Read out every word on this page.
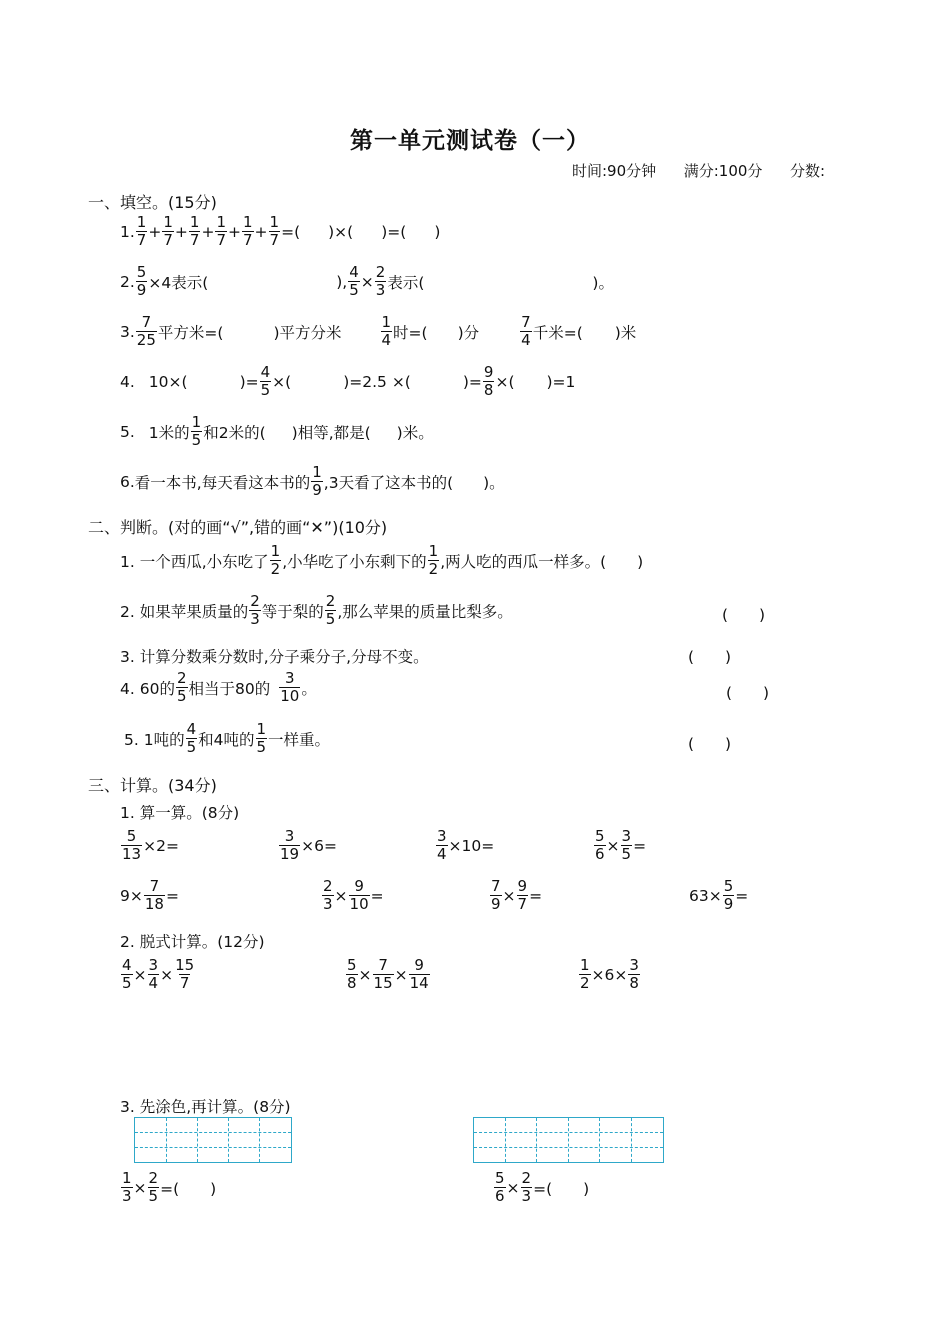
第一单元测试卷（一）
时间:90分钟 满分:100分 分数:
一、填空。(15分)
1. $\frac{1}{7} + \frac{1}{7} + \frac{1}{7} + \frac{1}{7} + \frac{1}{7} + \frac{1}{7}$ =( )×( )=( )
2. $\frac{5}{9} \times 4$表示(	), $\frac{4}{5} \times \frac{2}{3}$ 表示(	)。
3. $\frac{7}{25}$ 平方米=(	)平方分米	$\frac{1}{4}$ 时=( )分	$\frac{7}{4}$ 千米=( )米
4. 10×(	)= $\frac{4}{5}$ ×(	)=2.5 ×(	)= $\frac{9}{8}$ ×( )=1
5. 1米的 $\frac{1}{5}$ 和2米的( )相等,都是( )米。
6. 看一本书,每天看这本书的 $\frac{1}{9} ,3$天看了这本书的( )。
二、判断。(对的画“√”,错的画“✕”)(10分)
1. 一个西瓜,小东吃了 $\frac{1}{2}$ ,小华吃了小东剩下的 $\frac{1}{2}$ ,两人吃的西瓜一样多。 (　　)
2. 如果苹果质量的 $\frac{2}{3}$ 等于梨的 $\frac{2}{5}$ ,那么苹果的质量比梨多。	(　　)
3. 计算分数乘分数时,分子乘分子,分母不变。	(　　)
4. 60的 $\frac{2}{5}$ 相当于80的 $\frac{3}{10}$ 。	(　　)
5. 1吨的 $\frac{4}{5}$ 和4吨的 $\frac{1}{5}$ 一样重。	(　　)
三、计算。(34分)
1. 算一算。(8分)
$\frac{5}{13} \times 2=$	$\frac{3}{19} \times 6=$	$\frac{3}{4} \times 10=$	$\frac{5}{6} \times \frac{3}{5}$ =
$9\times \frac{7}{18}$ =	$\frac{2}{3} \times \frac{9}{10}$ =	$\frac{7}{9} \times \frac{9}{7}$ =	$63\times \frac{5}{9}$ =
2. 脱式计算。(12分)
$\frac{4}{5} \times \frac{3}{4} \times \frac{15}{7}$	$\frac{5}{8} \times \frac{7}{15} \times \frac{9}{14}$	$\frac{1}{2} \times 6 \times \frac{3}{8}$
3. 先涂色,再计算。(8分)
$\frac{1}{3} \times \frac{2}{5}$ =(　　)	$\frac{5}{6} \times \frac{2}{3}$ =(　　)
